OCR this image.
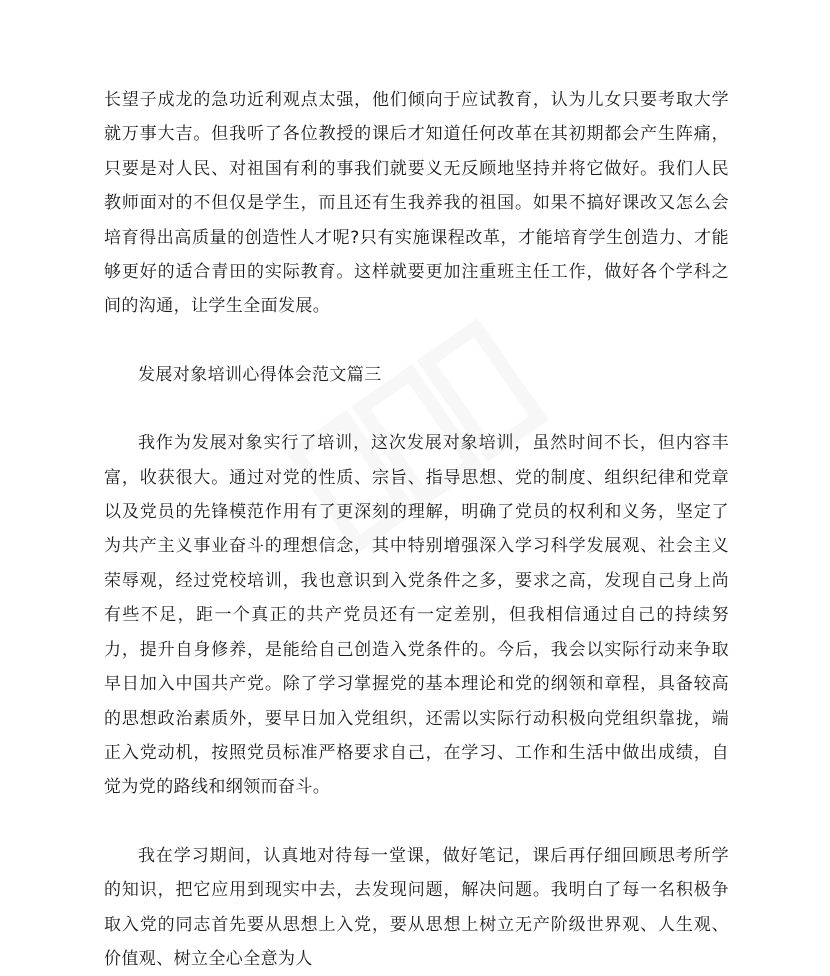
长望子成龙的急功近利观点太强，他们倾向于应试教育，认为儿女只要考取大学就万事大吉。但我听了各位教授的课后才知道任何改革在其初期都会产生阵痛，只要是对人民、对祖国有利的事我们就要义无反顾地坚持并将它做好。我们人民教师面对的不但仅是学生，而且还有生我养我的祖国。如果不搞好课改又怎么会培育得出高质量的创造性人才呢?只有实施课程改革，才能培育学生创造力、才能够更好的适合青田的实际教育。这样就要更加注重班主任工作，做好各个学科之间的沟通，让学生全面发展。

发展对象培训心得体会范文篇三

我作为发展对象实行了培训，这次发展对象培训，虽然时间不长，但内容丰富，收获很大。通过对党的性质、宗旨、指导思想、党的制度、组织纪律和党章以及党员的先锋模范作用有了更深刻的理解，明确了党员的权利和义务，坚定了为共产主义事业奋斗的理想信念，其中特别增强深入学习科学发展观、社会主义荣辱观，经过党校培训，我也意识到入党条件之多，要求之高，发现自己身上尚有些不足，距一个真正的共产党员还有一定差别，但我相信通过自己的持续努力，提升自身修养，是能给自己创造入党条件的。今后，我会以实际行动来争取早日加入中国共产党。除了学习掌握党的基本理论和党的纲领和章程，具备较高的思想政治素质外，要早日加入党组织，还需以实际行动积极向党组织靠拢，端正入党动机，按照党员标准严格要求自己，在学习、工作和生活中做出成绩，自觉为党的路线和纲领而奋斗。

我在学习期间，认真地对待每一堂课，做好笔记，课后再仔细回顾思考所学的知识，把它应用到现实中去，去发现问题，解决问题。我明白了每一名积极争取入党的同志首先要从思想上入党，要从思想上树立无产阶级世界观、人生观、价值观、树立全心全意为人
